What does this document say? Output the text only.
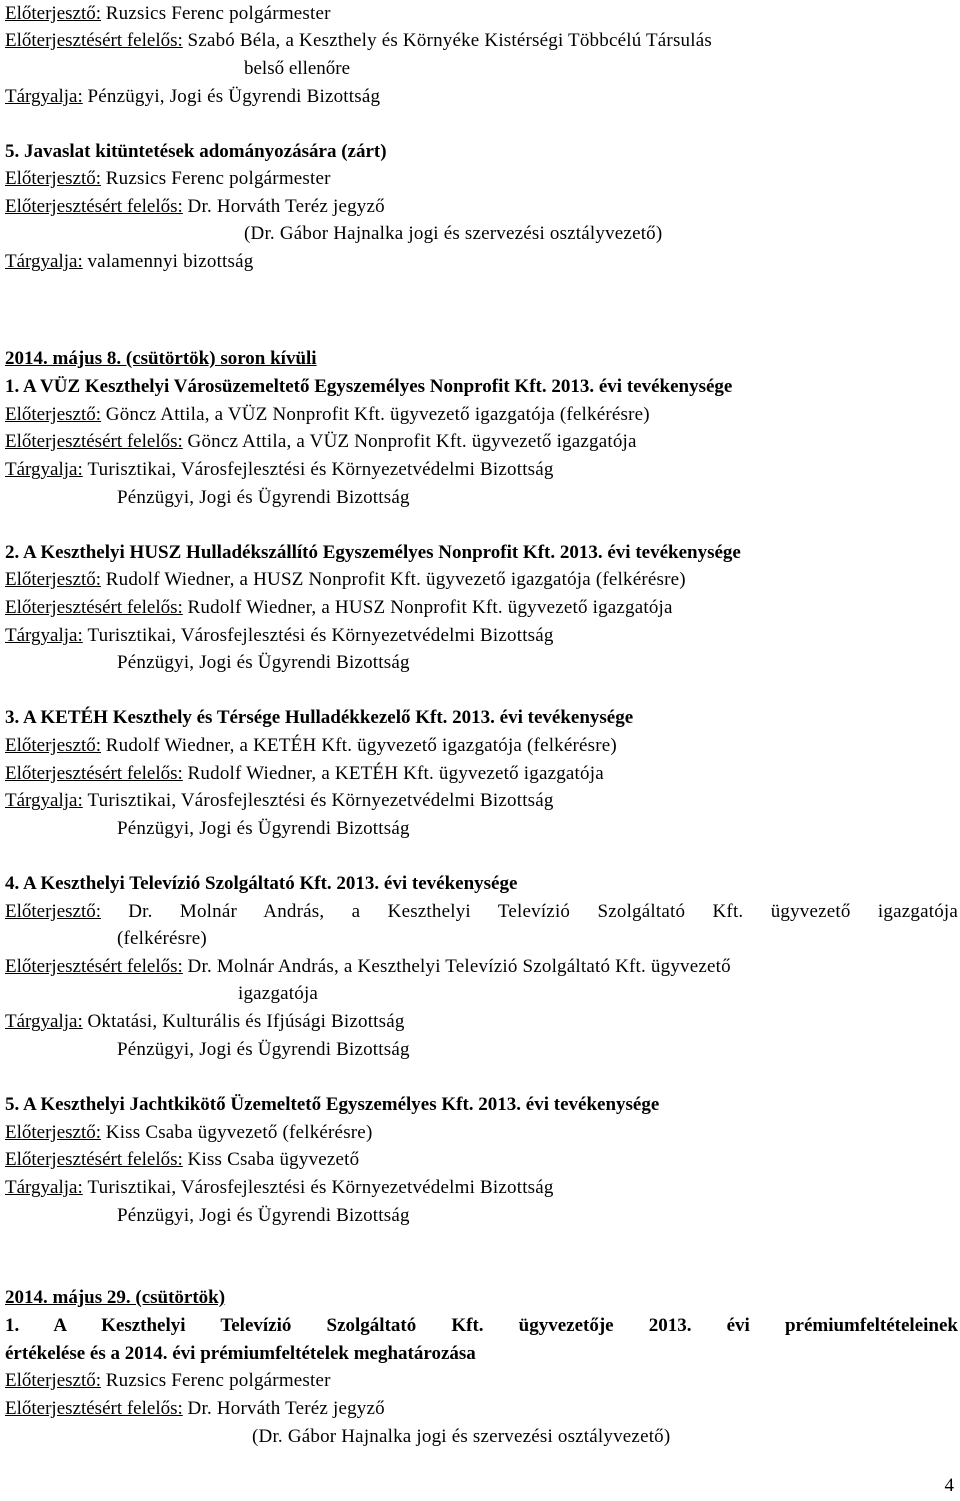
Előterjesztő: Ruzsics Ferenc polgármester
Előterjesztésért felelős: Szabó Béla, a Keszthely és Környéke Kistérségi Többcélú Társulás
belső ellenőre
Tárgyalja: Pénzügyi, Jogi és Ügyrendi Bizottság
5. Javaslat kitüntetések adományozására (zárt)
Előterjesztő: Ruzsics Ferenc polgármester
Előterjesztésért felelős: Dr. Horváth Teréz jegyző
(Dr. Gábor Hajnalka jogi és szervezési osztályvezető)
Tárgyalja: valamennyi bizottság
2014. május 8. (csütörtök) soron kívüli
1. A VÜZ Keszthelyi Városüzemeltető Egyszemélyes Nonprofit Kft. 2013. évi tevékenysége
Előterjesztő: Göncz Attila, a VÜZ Nonprofit Kft. ügyvezető igazgatója (felkérésre)
Előterjesztésért felelős: Göncz Attila, a VÜZ Nonprofit Kft. ügyvezető igazgatója
Tárgyalja: Turisztikai, Városfejlesztési és Környezetvédelmi Bizottság
Pénzügyi, Jogi és Ügyrendi Bizottság
2. A Keszthelyi HUSZ Hulladékszállító Egyszemélyes Nonprofit Kft. 2013. évi tevékenysége
Előterjesztő: Rudolf Wiedner, a HUSZ Nonprofit Kft. ügyvezető igazgatója (felkérésre)
Előterjesztésért felelős: Rudolf Wiedner, a HUSZ Nonprofit Kft. ügyvezető igazgatója
Tárgyalja: Turisztikai, Városfejlesztési és Környezetvédelmi Bizottság
Pénzügyi, Jogi és Ügyrendi Bizottság
3. A KETÉH Keszthely és Térsége Hulladékkezelő Kft. 2013. évi tevékenysége
Előterjesztő: Rudolf Wiedner, a KETÉH Kft. ügyvezető igazgatója (felkérésre)
Előterjesztésért felelős: Rudolf Wiedner, a KETÉH Kft. ügyvezető igazgatója
Tárgyalja: Turisztikai, Városfejlesztési és Környezetvédelmi Bizottság
Pénzügyi, Jogi és Ügyrendi Bizottság
4. A Keszthelyi Televízió Szolgáltató Kft. 2013. évi tevékenysége
Előterjesztő: Dr. Molnár András, a Keszthelyi Televízió Szolgáltató Kft. ügyvezető igazgatója
(felkérésre)
Előterjesztésért felelős: Dr. Molnár András, a Keszthelyi Televízió Szolgáltató Kft. ügyvezető
igazgatója
Tárgyalja: Oktatási, Kulturális és Ifjúsági Bizottság
Pénzügyi, Jogi és Ügyrendi Bizottság
5. A Keszthelyi Jachtkikötő Üzemeltető Egyszemélyes Kft. 2013. évi tevékenysége
Előterjesztő: Kiss Csaba ügyvezető (felkérésre)
Előterjesztésért felelős: Kiss Csaba ügyvezető
Tárgyalja: Turisztikai, Városfejlesztési és Környezetvédelmi Bizottság
Pénzügyi, Jogi és Ügyrendi Bizottság
2014. május 29. (csütörtök)
1. A Keszthelyi Televízió Szolgáltató Kft. ügyvezetője 2013. évi prémiumfeltételeinek
értékelése és a 2014. évi prémiumfeltételek meghatározása
Előterjesztő: Ruzsics Ferenc polgármester
Előterjesztésért felelős: Dr. Horváth Teréz jegyző
(Dr. Gábor Hajnalka jogi és szervezési osztályvezető)
4
